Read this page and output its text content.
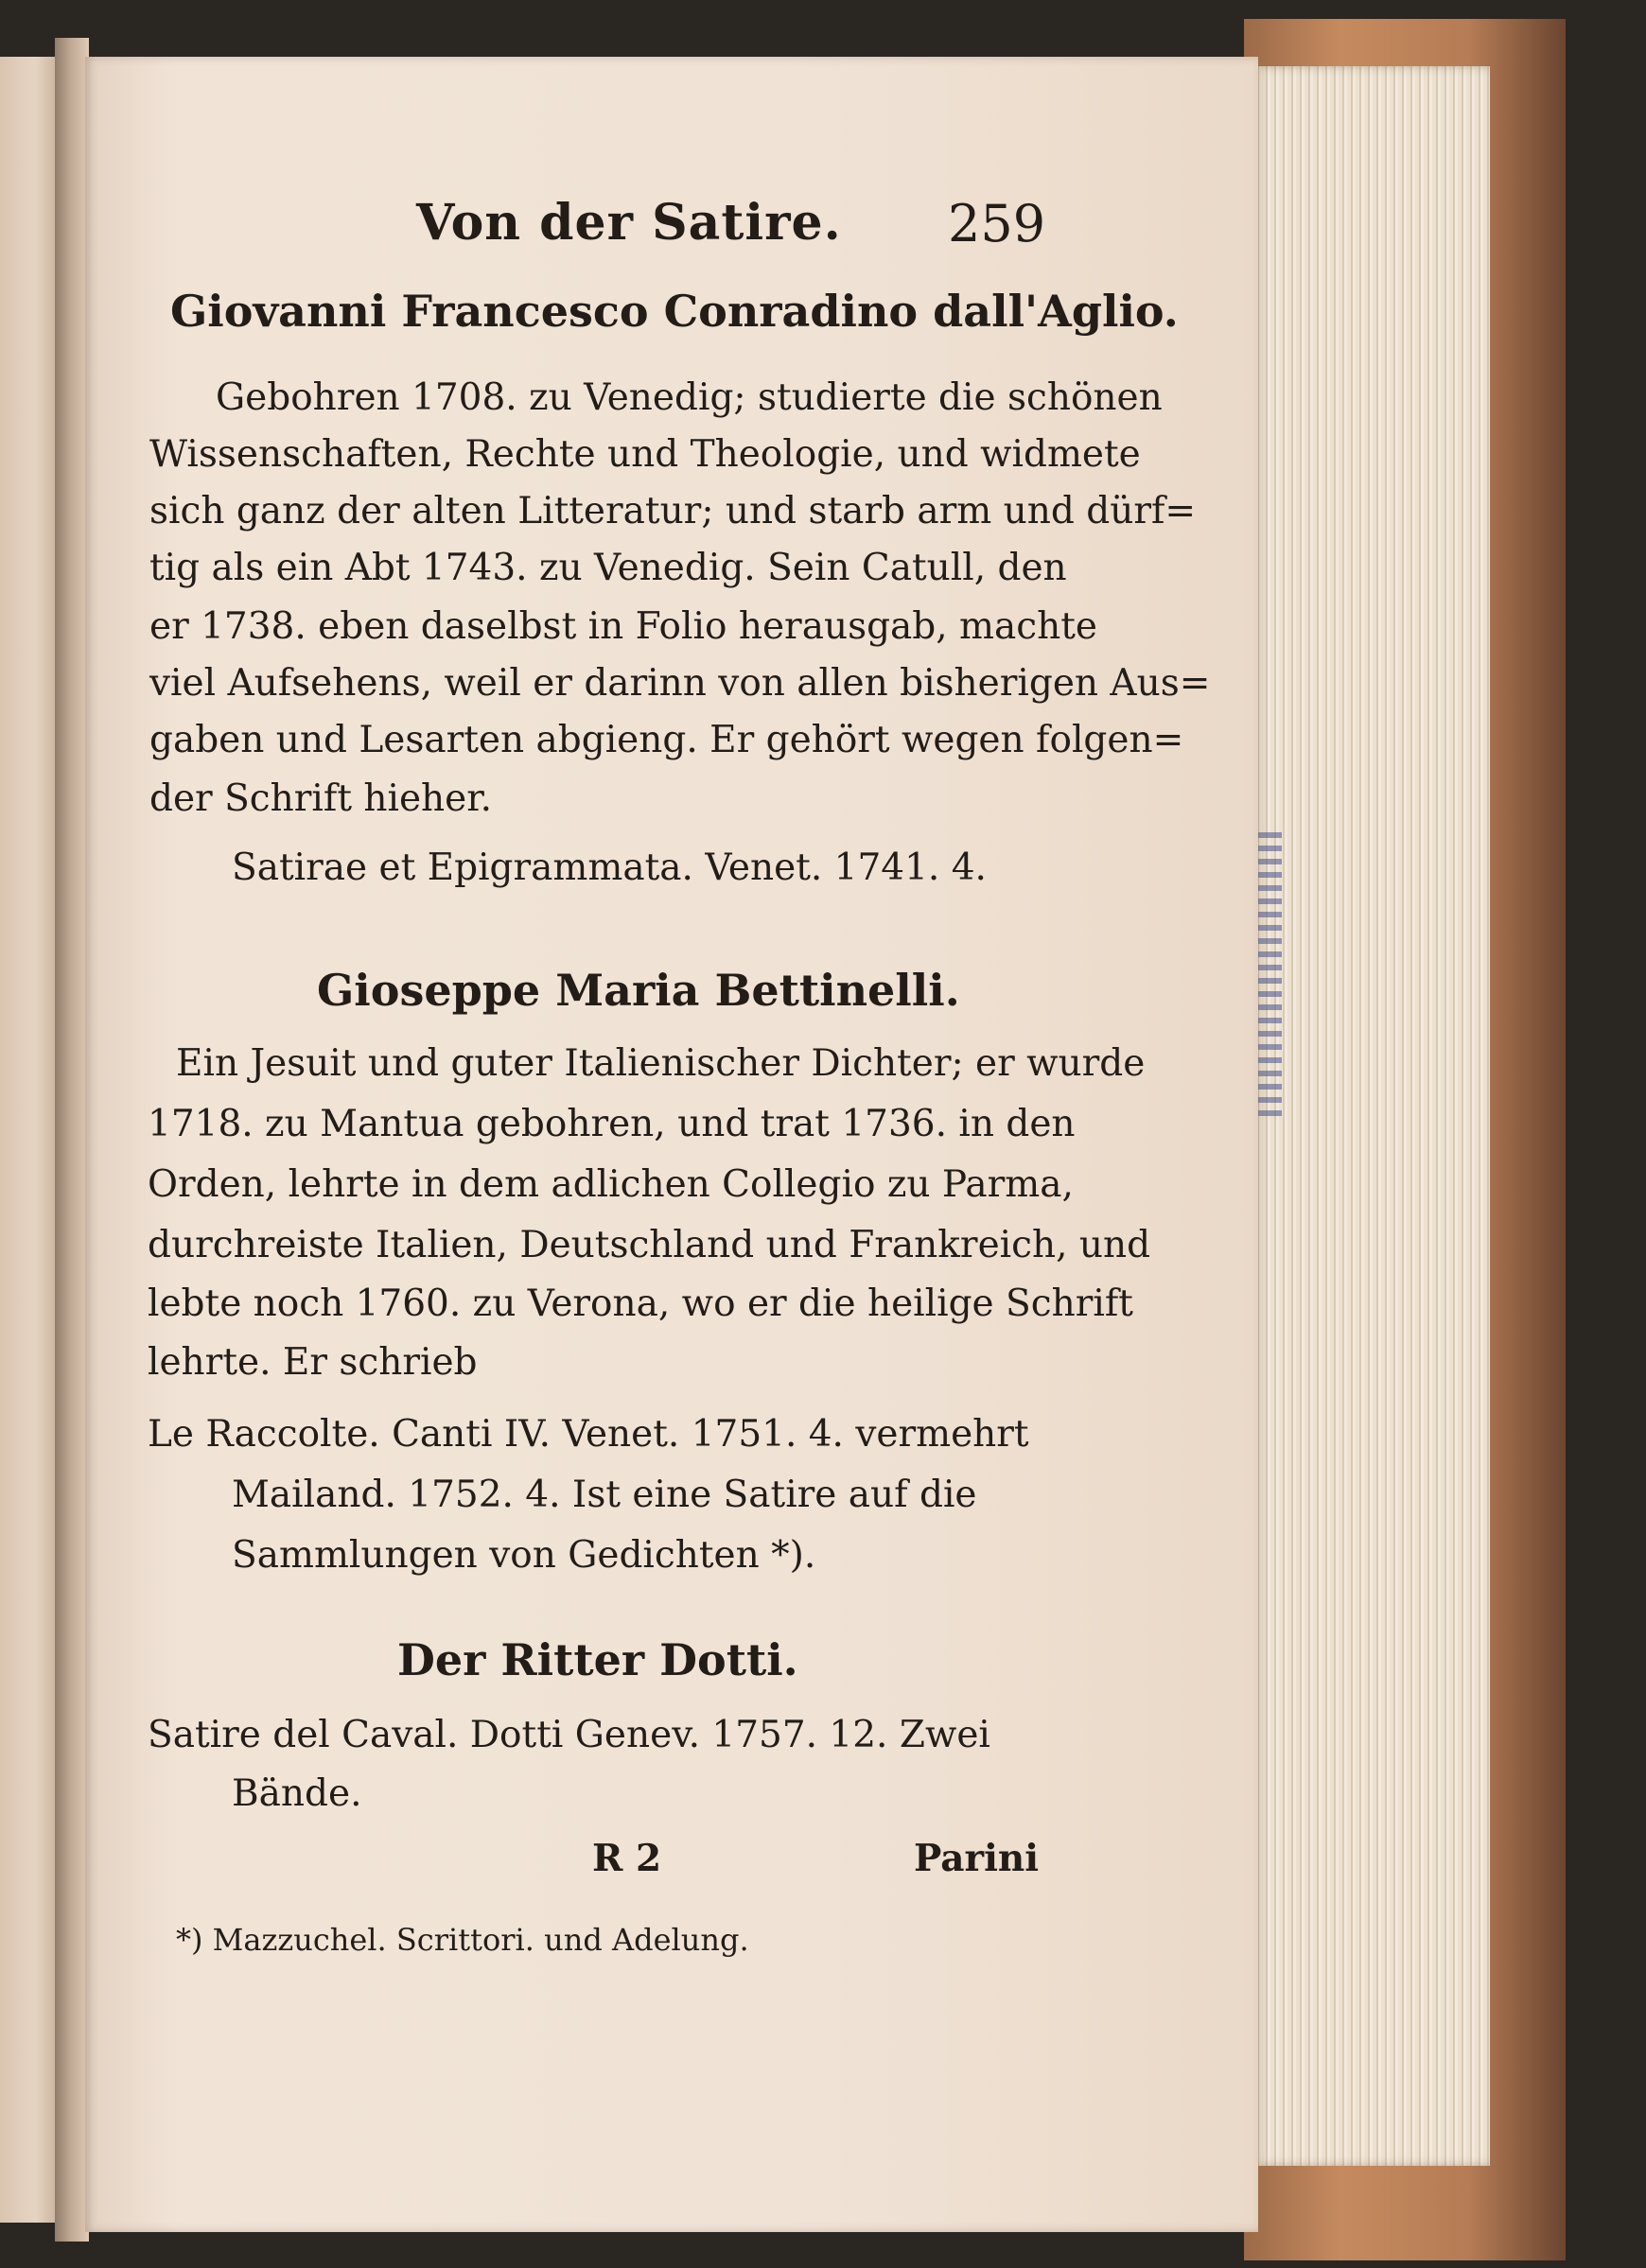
Von der Satire. 259
Giovanni Francesco Conradino dall'Aglio.
Gebohren 1708. zu Venedig; studierte die schönen
Wissenschaften, Rechte und Theologie, und widmete
sich ganz der alten Litteratur; und starb arm und dürf=
tig als ein Abt 1743. zu Venedig. Sein Catull, den
er 1738. eben daselbst in Folio herausgab, machte
viel Aufsehens, weil er darinn von allen bisherigen Aus=
gaben und Lesarten abgieng. Er gehört wegen folgen=
der Schrift hieher.
Satirae et Epigrammata. Venet. 1741. 4.
Gioseppe Maria Bettinelli.
Ein Jesuit und guter Italienischer Dichter; er wurde
1718. zu Mantua gebohren, und trat 1736. in den
Orden, lehrte in dem adlichen Collegio zu Parma,
durchreiste Italien, Deutschland und Frankreich, und
lebte noch 1760. zu Verona, wo er die heilige Schrift
lehrte. Er schrieb
Le Raccolte. Canti IV. Venet. 1751. 4. vermehrt
Mailand. 1752. 4. Ist eine Satire auf die
Sammlungen von Gedichten *).
Der Ritter Dotti.
Satire del Caval. Dotti Genev. 1757. 12. Zwei
Bände.
R 2	Parini
*) Mazzuchel. Scrittori. und Adelung.
